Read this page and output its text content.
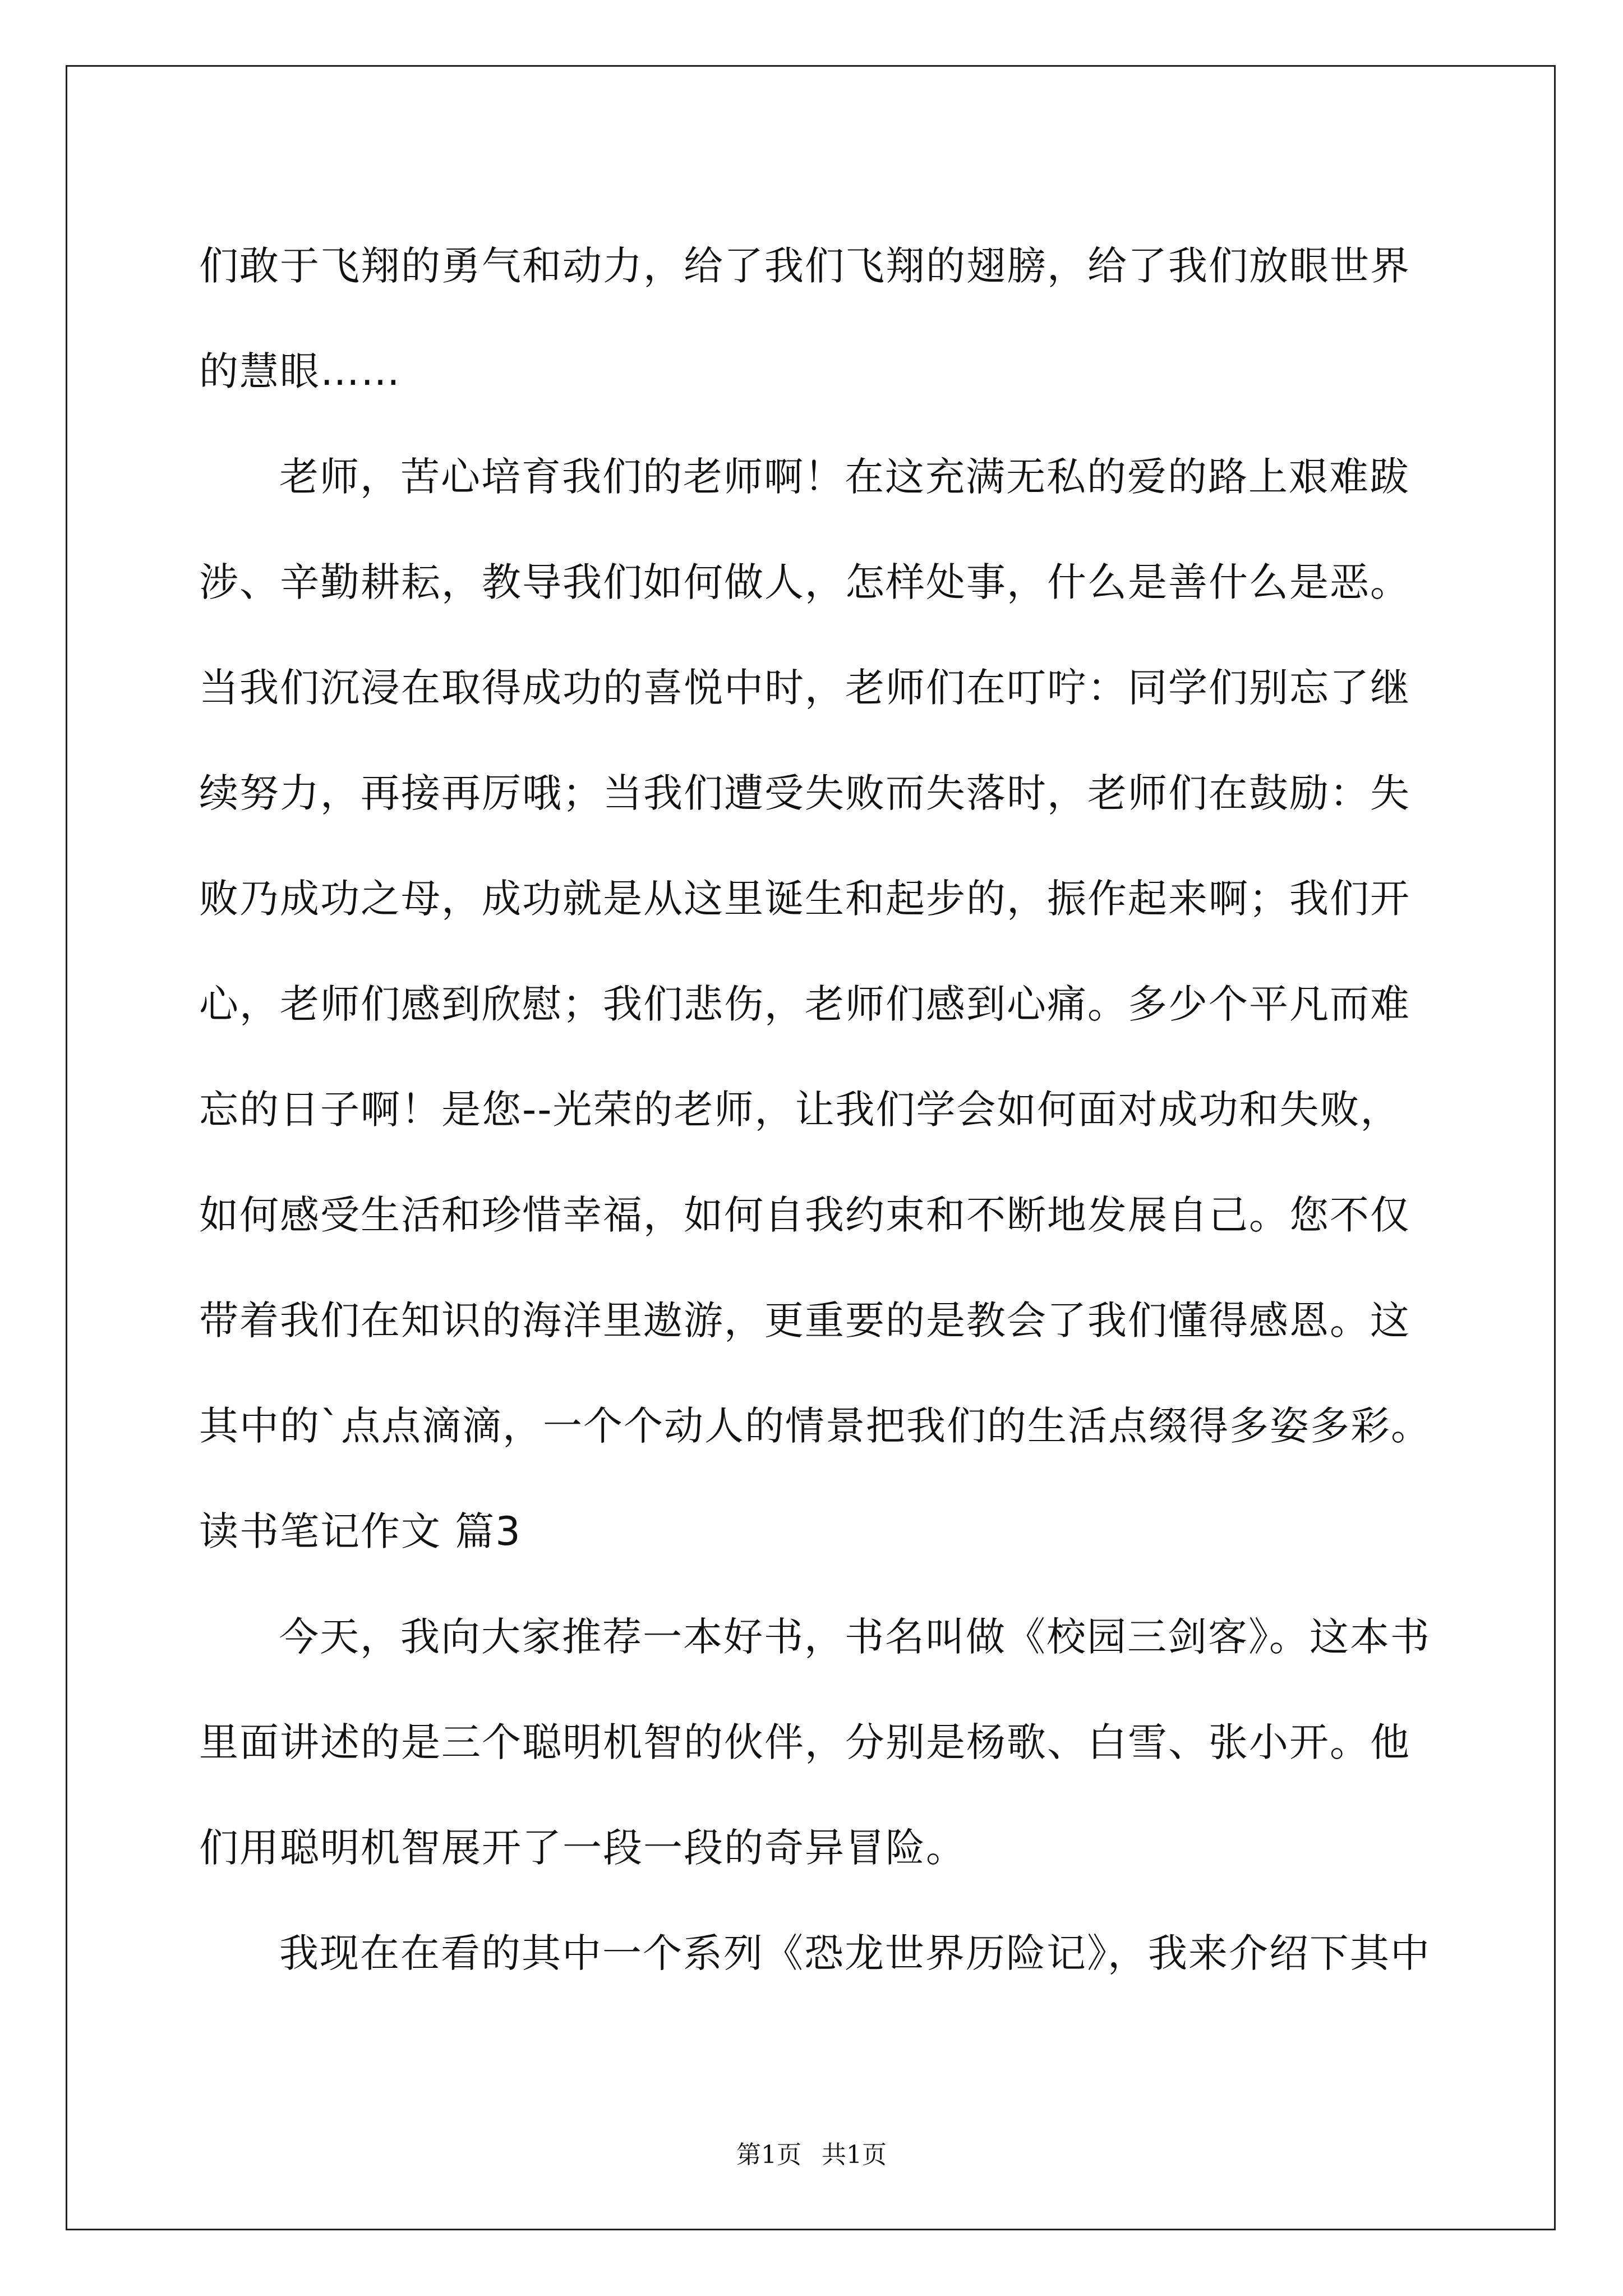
们敢于飞翔的勇气和动力，给了我们飞翔的翅膀，给了我们放眼世界
的慧眼……
老师，苦心培育我们的老师啊！在这充满无私的爱的路上艰难跋
涉、辛勤耕耘，教导我们如何做人，怎样处事，什么是善什么是恶。
当我们沉浸在取得成功的喜悦中时，老师们在叮咛：同学们别忘了继
续努力，再接再厉哦；当我们遭受失败而失落时，老师们在鼓励：失
败乃成功之母，成功就是从这里诞生和起步的，振作起来啊；我们开
心，老师们感到欣慰；我们悲伤，老师们感到心痛。多少个平凡而难
忘的日子啊！是您--光荣的老师，让我们学会如何面对成功和失败，
如何感受生活和珍惜幸福，如何自我约束和不断地发展自己。您不仅
带着我们在知识的海洋里遨游，更重要的是教会了我们懂得感恩。这
其中的`点点滴滴，一个个动人的情景把我们的生活点缀得多姿多彩。
读书笔记作文 篇3
今天，我向大家推荐一本好书，书名叫做《校园三剑客》。这本书
里面讲述的是三个聪明机智的伙伴，分别是杨歌、白雪、张小开。他
们用聪明机智展开了一段一段的奇异冒险。
我现在在看的其中一个系列《恐龙世界历险记》，我来介绍下其中
第1页 共1页
